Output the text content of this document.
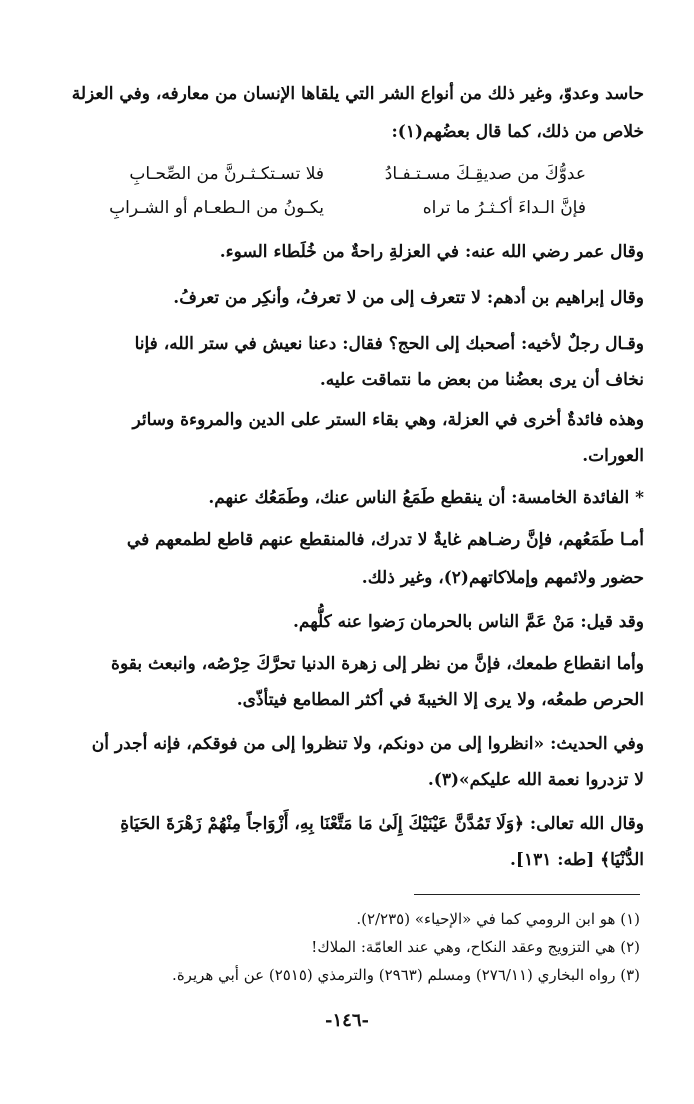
حاسد وعدوّ، وغير ذلك من أنواع الشر التي يلقاها الإنسان من معارفه، وفي العزلة

خلاص من ذلك، كما قال بعضُهم(١):

عدوُّكَ من صديقِـكَ مسـتـفـادُ
فلا تسـتكـثـرنَّ من الصِّحـابِ
فإنَّ الـداءَ أكـثـرُ ما تراه
يكـونُ من الـطعـام أو الشـرابِ

وقال عمر رضي الله عنه: في العزلةِ راحةٌ من خُلَطاء السوء.

وقال إبراهيم بن أدهم: لا تتعرف إلى من لا تعرفُ، وأنكِر من تعرفُ.

وقـال رجلٌ لأخيه: أصحبك إلى الحج؟ فقال: دعنا نعيش في ستر الله، فإنا

نخاف أن يرى بعضُنا من بعض ما نتماقت عليه.

وهذه فائدةٌ أخرى في العزلة، وهي بقاء الستر على الدين والمروءة وسائر

العورات.

* الفائدة الخامسة: أن ينقطع طَمَعُ الناس عنك، وطَمَعُك عنهم.

أمـا طَمَعُهم، فإنَّ رضـاهم غايةٌ لا تدرك، فالمنقطع عنهم قاطع لطمعهم في

حضور ولائمهم وإملاكاتهم(٢)، وغير ذلك.

وقد قيل: مَنْ عَمَّ الناس بالحرمان رَضوا عنه كلُّهم.

وأما انقطاع طمعك، فإنَّ من نظر إلى زهرة الدنيا تحرَّكَ حِرْصُه، وانبعث بقوة

الحرص طمعُه، ولا يرى إلا الخيبةَ في أكثر المطامع فيتأذّى.

وفي الحديث: «انظروا إلى من دونكم، ولا تنظروا إلى من فوقكم، فإنه أجدر أن

لا تزدروا نعمة الله عليكم»(٣).

وقال الله تعالى: ﴿وَلَا تَمُدَّنَّ عَيْنَيْكَ إِلَىٰ مَا مَتَّعْنَا بِهِ، أَزْوَاجاً مِنْهُمْ زَهْرَةَ الحَيَاةِ

الدُّنْيَا﴾ [طه: ١٣١].

(١) هو ابن الرومي كما في «الإحياء» (٢/٢٣٥).

(٢) هي التزويج وعقد النكاح، وهي عند العامّة: الملاك!

(٣) رواه البخاري (٢٧٦/١١) ومسلم (٢٩٦٣) والترمذي (٢٥١٥) عن أبي هريرة.

-١٤٦-
